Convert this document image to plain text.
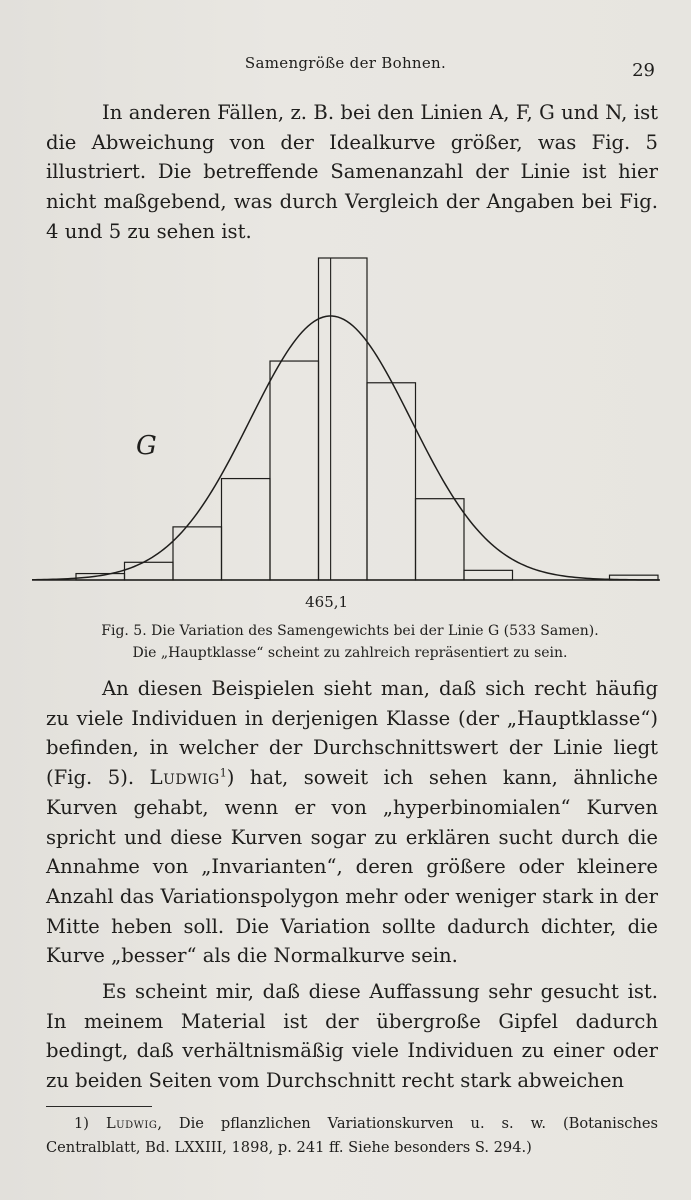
Samengröße der Bohnen.	29

In anderen Fällen, z. B. bei den Linien A, F, G und N, ist die Abweichung von der Idealkurve größer, was Fig. 5 illustriert. Die betreffende Samenanzahl der Linie ist hier nicht maßgebend, was durch Vergleich der Angaben bei Fig. 4 und 5 zu sehen ist.

G
465,1
Fig. 5. Die Variation des Samengewichts bei der Linie G (533 Samen).
Die „Hauptklasse“ scheint zu zahlreich repräsentiert zu sein.

An diesen Beispielen sieht man, daß sich recht häufig zu viele Individuen in derjenigen Klasse (der „Hauptklasse“) befinden, in welcher der Durchschnittswert der Linie liegt (Fig. 5). Ludwig$^1$) hat, soweit ich sehen kann, ähnliche Kurven gehabt, wenn er von „hyperbinomialen“ Kurven spricht und diese Kurven sogar zu erklären sucht durch die Annahme von „Invarianten“, deren größere oder kleinere Anzahl das Variationspolygon mehr oder weniger stark in der Mitte heben soll. Die Variation sollte dadurch dichter, die Kurve „besser“ als die Normalkurve sein.

Es scheint mir, daß diese Auffassung sehr gesucht ist. In meinem Material ist der übergroße Gipfel dadurch bedingt, daß verhältnismäßig viele Individuen zu einer oder zu beiden Seiten vom Durchschnitt recht stark abweichen

1) Ludwig, Die pflanzlichen Variationskurven u. s. w. (Botanisches Centralblatt, Bd. LXXIII, 1898, p. 241 ff. Siehe besonders S. 294.)
